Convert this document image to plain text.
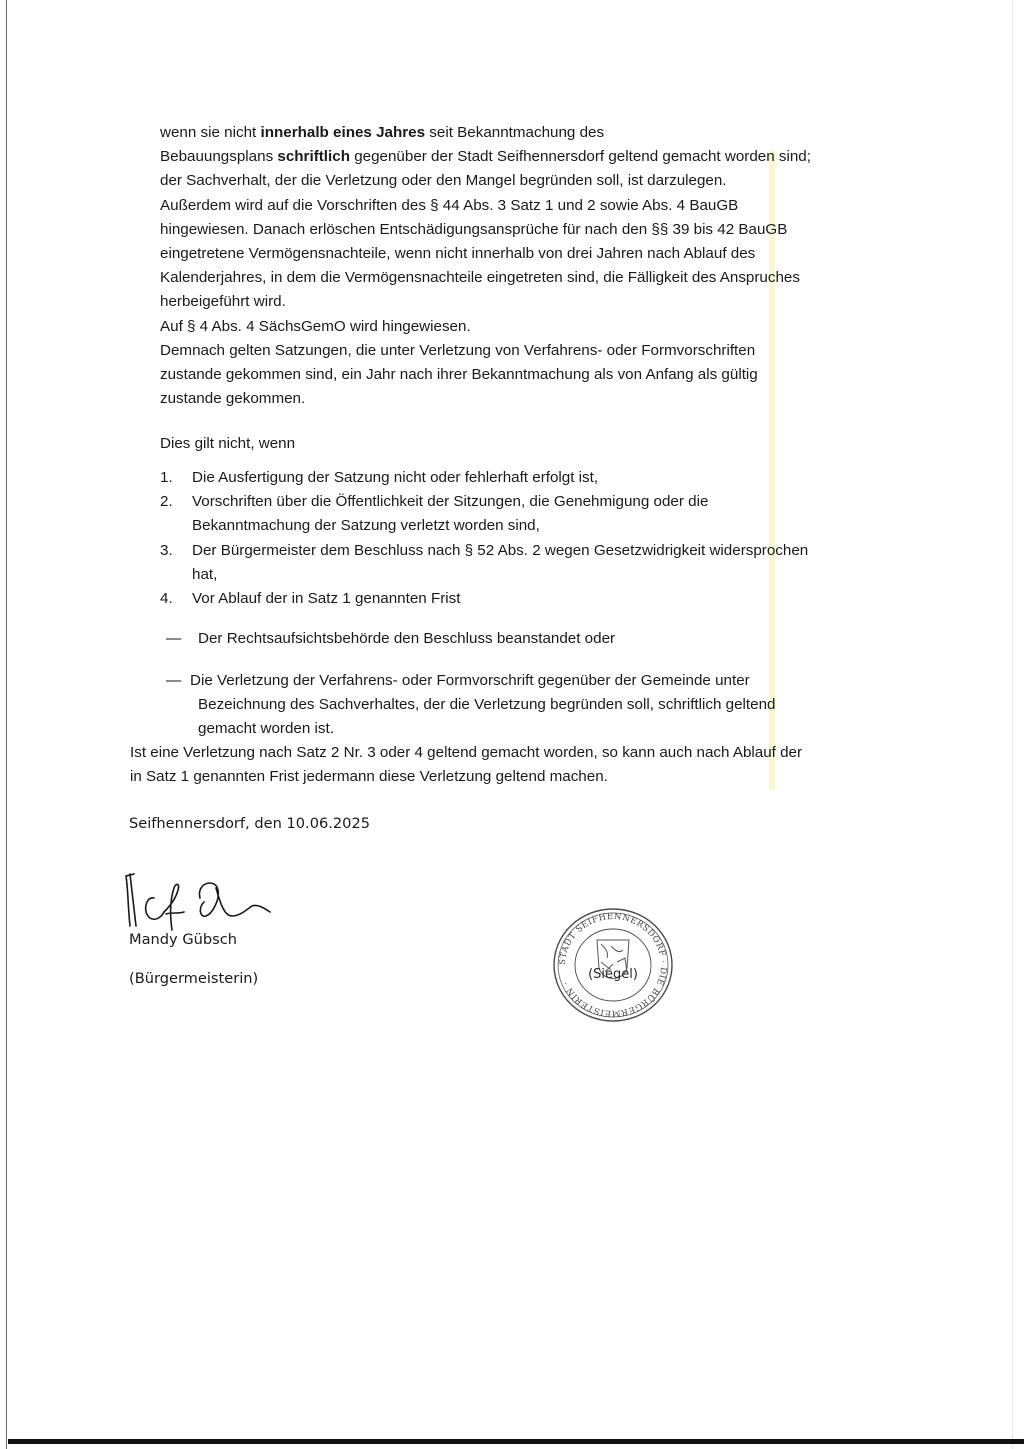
wenn sie nicht innerhalb eines Jahres seit Bekanntmachung des
Bebauungsplans schriftlich gegenüber der Stadt Seifhennersdorf geltend gemacht worden sind;
der Sachverhalt, der die Verletzung oder den Mangel begründen soll, ist darzulegen.
Außerdem wird auf die Vorschriften des § 44 Abs. 3 Satz 1 und 2 sowie Abs. 4 BauGB
hingewiesen. Danach erlöschen Entschädigungsansprüche für nach den §§ 39 bis 42 BauGB
eingetretene Vermögensnachteile, wenn nicht innerhalb von drei Jahren nach Ablauf des
Kalenderjahres, in dem die Vermögensnachteile eingetreten sind, die Fälligkeit des Anspruches
herbeigeführt wird.
Auf § 4 Abs. 4 SächsGemO wird hingewiesen.
Demnach gelten Satzungen, die unter Verletzung von Verfahrens- oder Formvorschriften
zustande gekommen sind, ein Jahr nach ihrer Bekanntmachung als von Anfang als gültig
zustande gekommen.
Dies gilt nicht, wenn
1. Die Ausfertigung der Satzung nicht oder fehlerhaft erfolgt ist,
2. Vorschriften über die Öffentlichkeit der Sitzungen, die Genehmigung oder die
Bekanntmachung der Satzung verletzt worden sind,
3. Der Bürgermeister dem Beschluss nach § 52 Abs. 2 wegen Gesetzwidrigkeit widersprochen
hat,
4. Vor Ablauf der in Satz 1 genannten Frist
—	Der Rechtsaufsichtsbehörde den Beschluss beanstandet oder
— Die Verletzung der Verfahrens- oder Formvorschrift gegenüber der Gemeinde unter
Bezeichnung des Sachverhaltes, der die Verletzung begründen soll, schriftlich geltend
gemacht worden ist.
Ist eine Verletzung nach Satz 2 Nr. 3 oder 4 geltend gemacht worden, so kann auch nach Ablauf der
in Satz 1 genannten Frist jedermann diese Verletzung geltend machen.
Seifhennersdorf, den 10.06.2025
Mandy Gübsch
(Bürgermeisterin)
STADT SEIFHENNERSDORF · DIE BÜRGERMEISTERIN ·
(Siegel)
